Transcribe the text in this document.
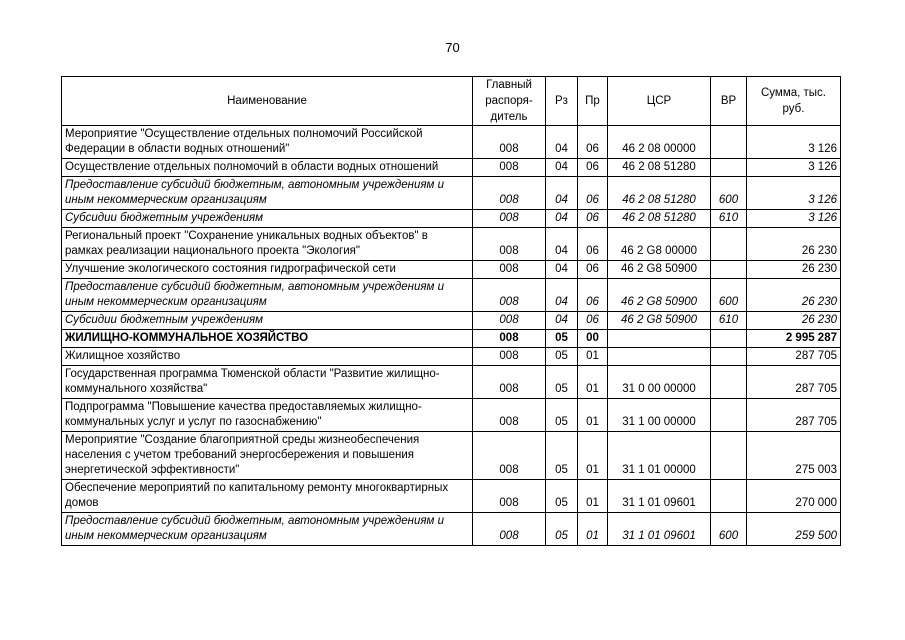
70
Наименование	Главный распоря-дитель	Рз	Пр	ЦСР	ВР	Сумма, тыс. руб.
Мероприятие "Осуществление отдельных полномочий Российской Федерации в области водных отношений"	008	04	06	46 2 08 00000		3 126
Осуществление отдельных полномочий в области водных отношений	008	04	06	46 2 08 51280		3 126
Предоставление субсидий бюджетным, автономным учреждениям и иным некоммерческим организациям	008	04	06	46 2 08 51280	600	3 126
Субсидии бюджетным учреждениям	008	04	06	46 2 08 51280	610	3 126
Региональный проект "Сохранение уникальных водных объектов" в рамках реализации национального проекта "Экология"	008	04	06	46 2 G8 00000		26 230
Улучшение экологического состояния гидрографической сети	008	04	06	46 2 G8 50900		26 230
Предоставление субсидий бюджетным, автономным учреждениям и иным некоммерческим организациям	008	04	06	46 2 G8 50900	600	26 230
Субсидии бюджетным учреждениям	008	04	06	46 2 G8 50900	610	26 230
ЖИЛИЩНО-КОММУНАЛЬНОЕ ХОЗЯЙСТВО	008	05	00			2 995 287
Жилищное хозяйство	008	05	01			287 705
Государственная программа Тюменской области "Развитие жилищно-коммунального хозяйства"	008	05	01	31 0 00 00000		287 705
Подпрограмма "Повышение качества предоставляемых жилищно-коммунальных услуг и услуг по газоснабжению"	008	05	01	31 1 00 00000		287 705
Мероприятие "Создание благоприятной среды жизнеобеспечения населения с учетом требований энергосбережения и повышения энергетической эффективности"	008	05	01	31 1 01 00000		275 003
Обеспечение мероприятий по капитальному ремонту многоквартирных домов	008	05	01	31 1 01 09601		270 000
Предоставление субсидий бюджетным, автономным учреждениям и иным некоммерческим организациям	008	05	01	31 1 01 09601	600	259 500
